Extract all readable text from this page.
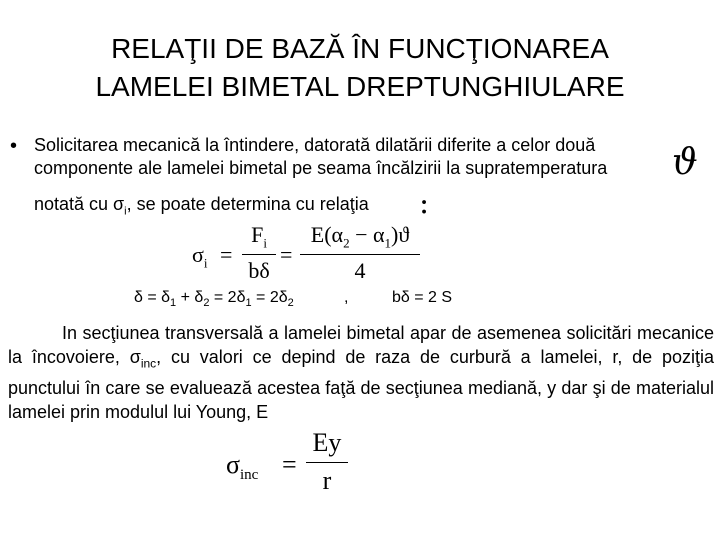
RELAŢII DE BAZĂ ÎN FUNCŢIONAREA
LAMELEI BIMETAL DREPTUNGHIULARE
• Solicitarea mecanică la întindere, datorată dilatării diferite a celor două
componente ale lamelei bimetal pe seama încălzirii la supratemperatura ϑ
notată cu $\sigma_i$, se poate determina cu relaţia :
$\sigma_i$ =
$F_i$
bδ
=
$E(\alpha_2 - \alpha_1)ϑ$
4
$\delta = \delta_1 + \delta_2 = 2\delta_1 = 2\delta_2$	,	bδ = 2 S

In secţiunea transversală a lamelei bimetal apar de asemenea solicitări mecanice la încovoiere, $\sigma_{inc}$, cu valori ce depind de raza de curbură a lamelei, r, de poziţia punctului în care se evaluează acestea faţă de secţiunea mediană, y dar şi de materialul lamelei prin modulul lui Young, E

$\sigma_{inc}$ =
Ey
r
